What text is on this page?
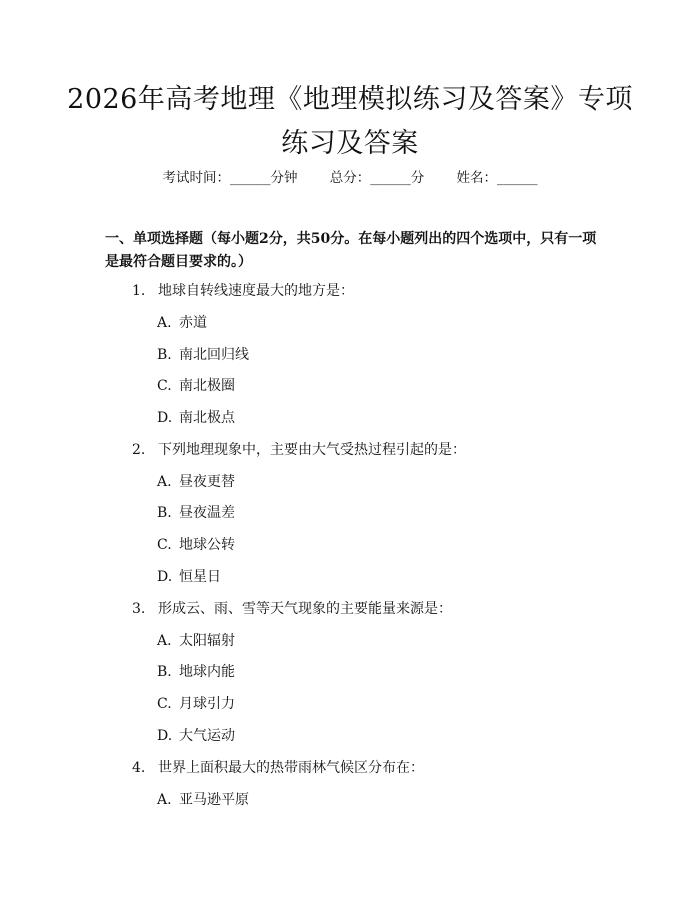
2026年高考地理《地理模拟练习及答案》专项练习及答案
考试时间：______分钟 总分：______分 姓名：______
一、单项选择题（每小题2分，共50分。在每小题列出的四个选项中，只有一项是最符合题目要求的。）
1. 地球自转线速度最大的地方是：
A. 赤道
B. 南北回归线
C. 南北极圈
D. 南北极点
2. 下列地理现象中，主要由大气受热过程引起的是：
A. 昼夜更替
B. 昼夜温差
C. 地球公转
D. 恒星日
3. 形成云、雨、雪等天气现象的主要能量来源是：
A. 太阳辐射
B. 地球内能
C. 月球引力
D. 大气运动
4. 世界上面积最大的热带雨林气候区分布在：
A. 亚马逊平原
